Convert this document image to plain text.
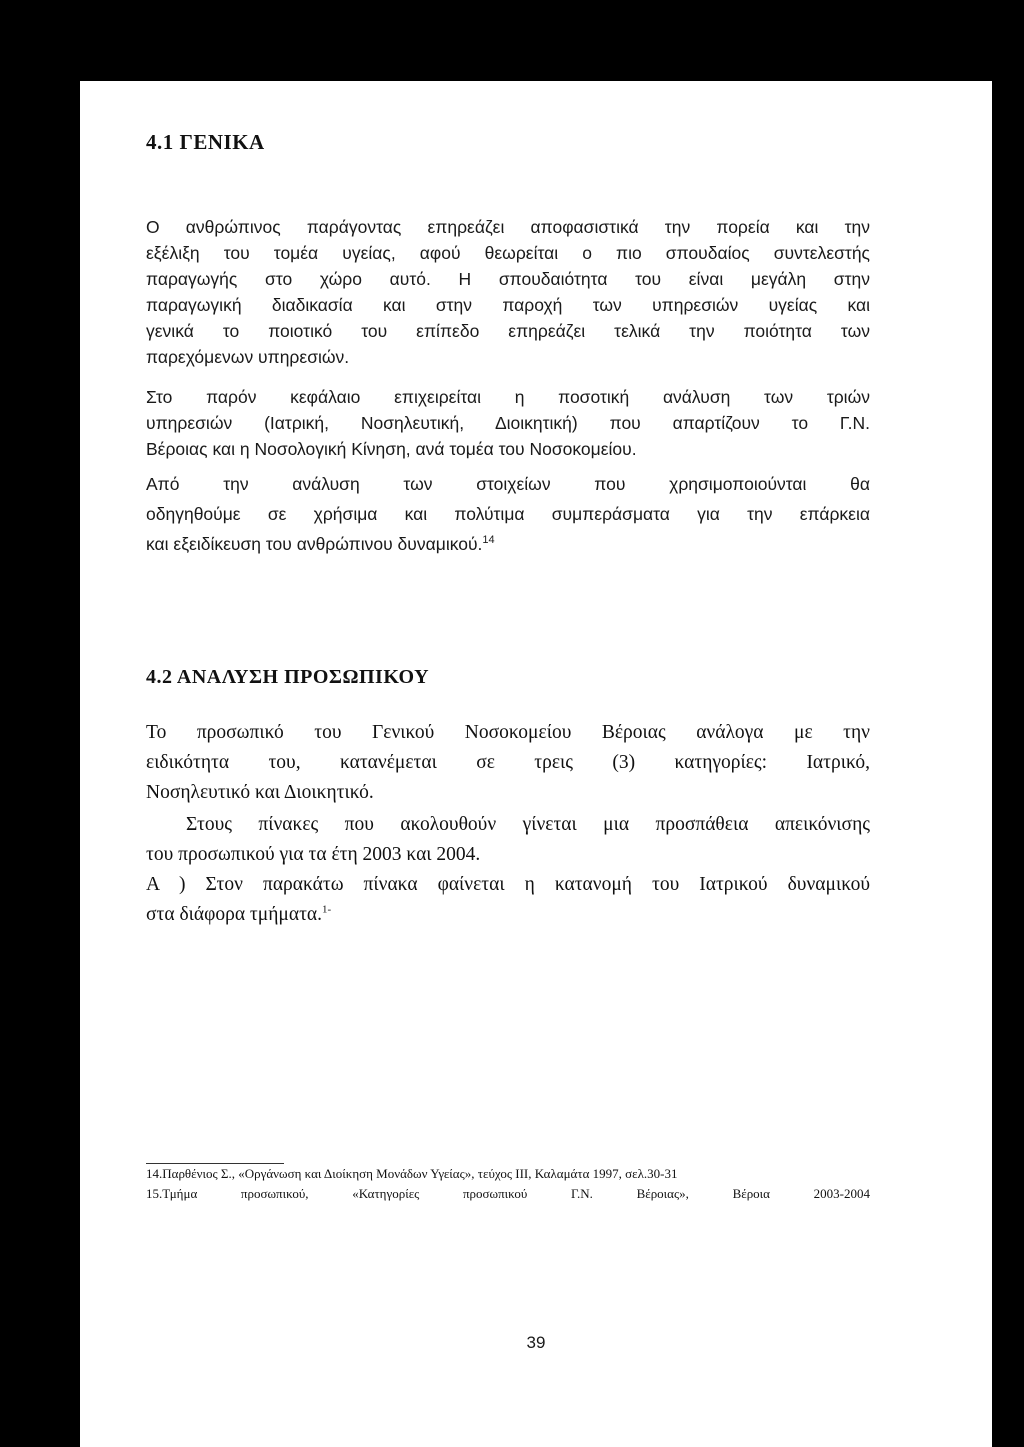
4.1 ΓΕΝΙΚΑ
Ο ανθρώπινος παράγοντας επηρεάζει αποφασιστικά την πορεία και την
εξέλιξη του τομέα υγείας, αφού θεωρείται ο πιο σπουδαίος συντελεστής
παραγωγής στο χώρο αυτό. Η σπουδαιότητα του είναι μεγάλη στην
παραγωγική διαδικασία και στην παροχή των υπηρεσιών υγείας και
γενικά το ποιοτικό του επίπεδο επηρεάζει τελικά την ποιότητα των
παρεχόμενων υπηρεσιών.
Στο παρόν κεφάλαιο επιχειρείται η ποσοτική ανάλυση των τριών
υπηρεσιών (Ιατρική, Νοσηλευτική, Διοικητική) που απαρτίζουν το Γ.Ν.
Βέροιας και η Νοσολογική Κίνηση, ανά τομέα του Νοσοκομείου.
Από την ανάλυση των στοιχείων που χρησιμοποιούνται θα
οδηγηθούμε σε χρήσιμα και πολύτιμα συμπεράσματα για την επάρκεια
και εξειδίκευση του ανθρώπινου δυναμικού.$^{14}$
4.2 ΑΝΑΛΥΣΗ ΠΡΟΣΩΠΙΚΟΥ
Το προσωπικό του Γενικού Νοσοκομείου Βέροιας ανάλογα με την
ειδικότητα του, κατανέμεται σε τρεις (3) κατηγορίες: Ιατρικό,
Νοσηλευτικό και Διοικητικό.
Στους πίνακες που ακολουθούν γίνεται μια προσπάθεια απεικόνισης
του προσωπικού για τα έτη 2003 και 2004.
Α ) Στον παρακάτω πίνακα φαίνεται η κατανομή του Ιατρικού δυναμικού
στα διάφορα τμήματα.$^{1-}$
14.Παρθένιος Σ., «Οργάνωση και Διοίκηση Μονάδων Υγείας», τεύχος ΙΙΙ, Καλαμάτα 1997, σελ.30-31
15.Τμήμα προσωπικού, «Κατηγορίες προσωπικού Γ.Ν. Βέροιας», Βέροια 2003-2004
39
